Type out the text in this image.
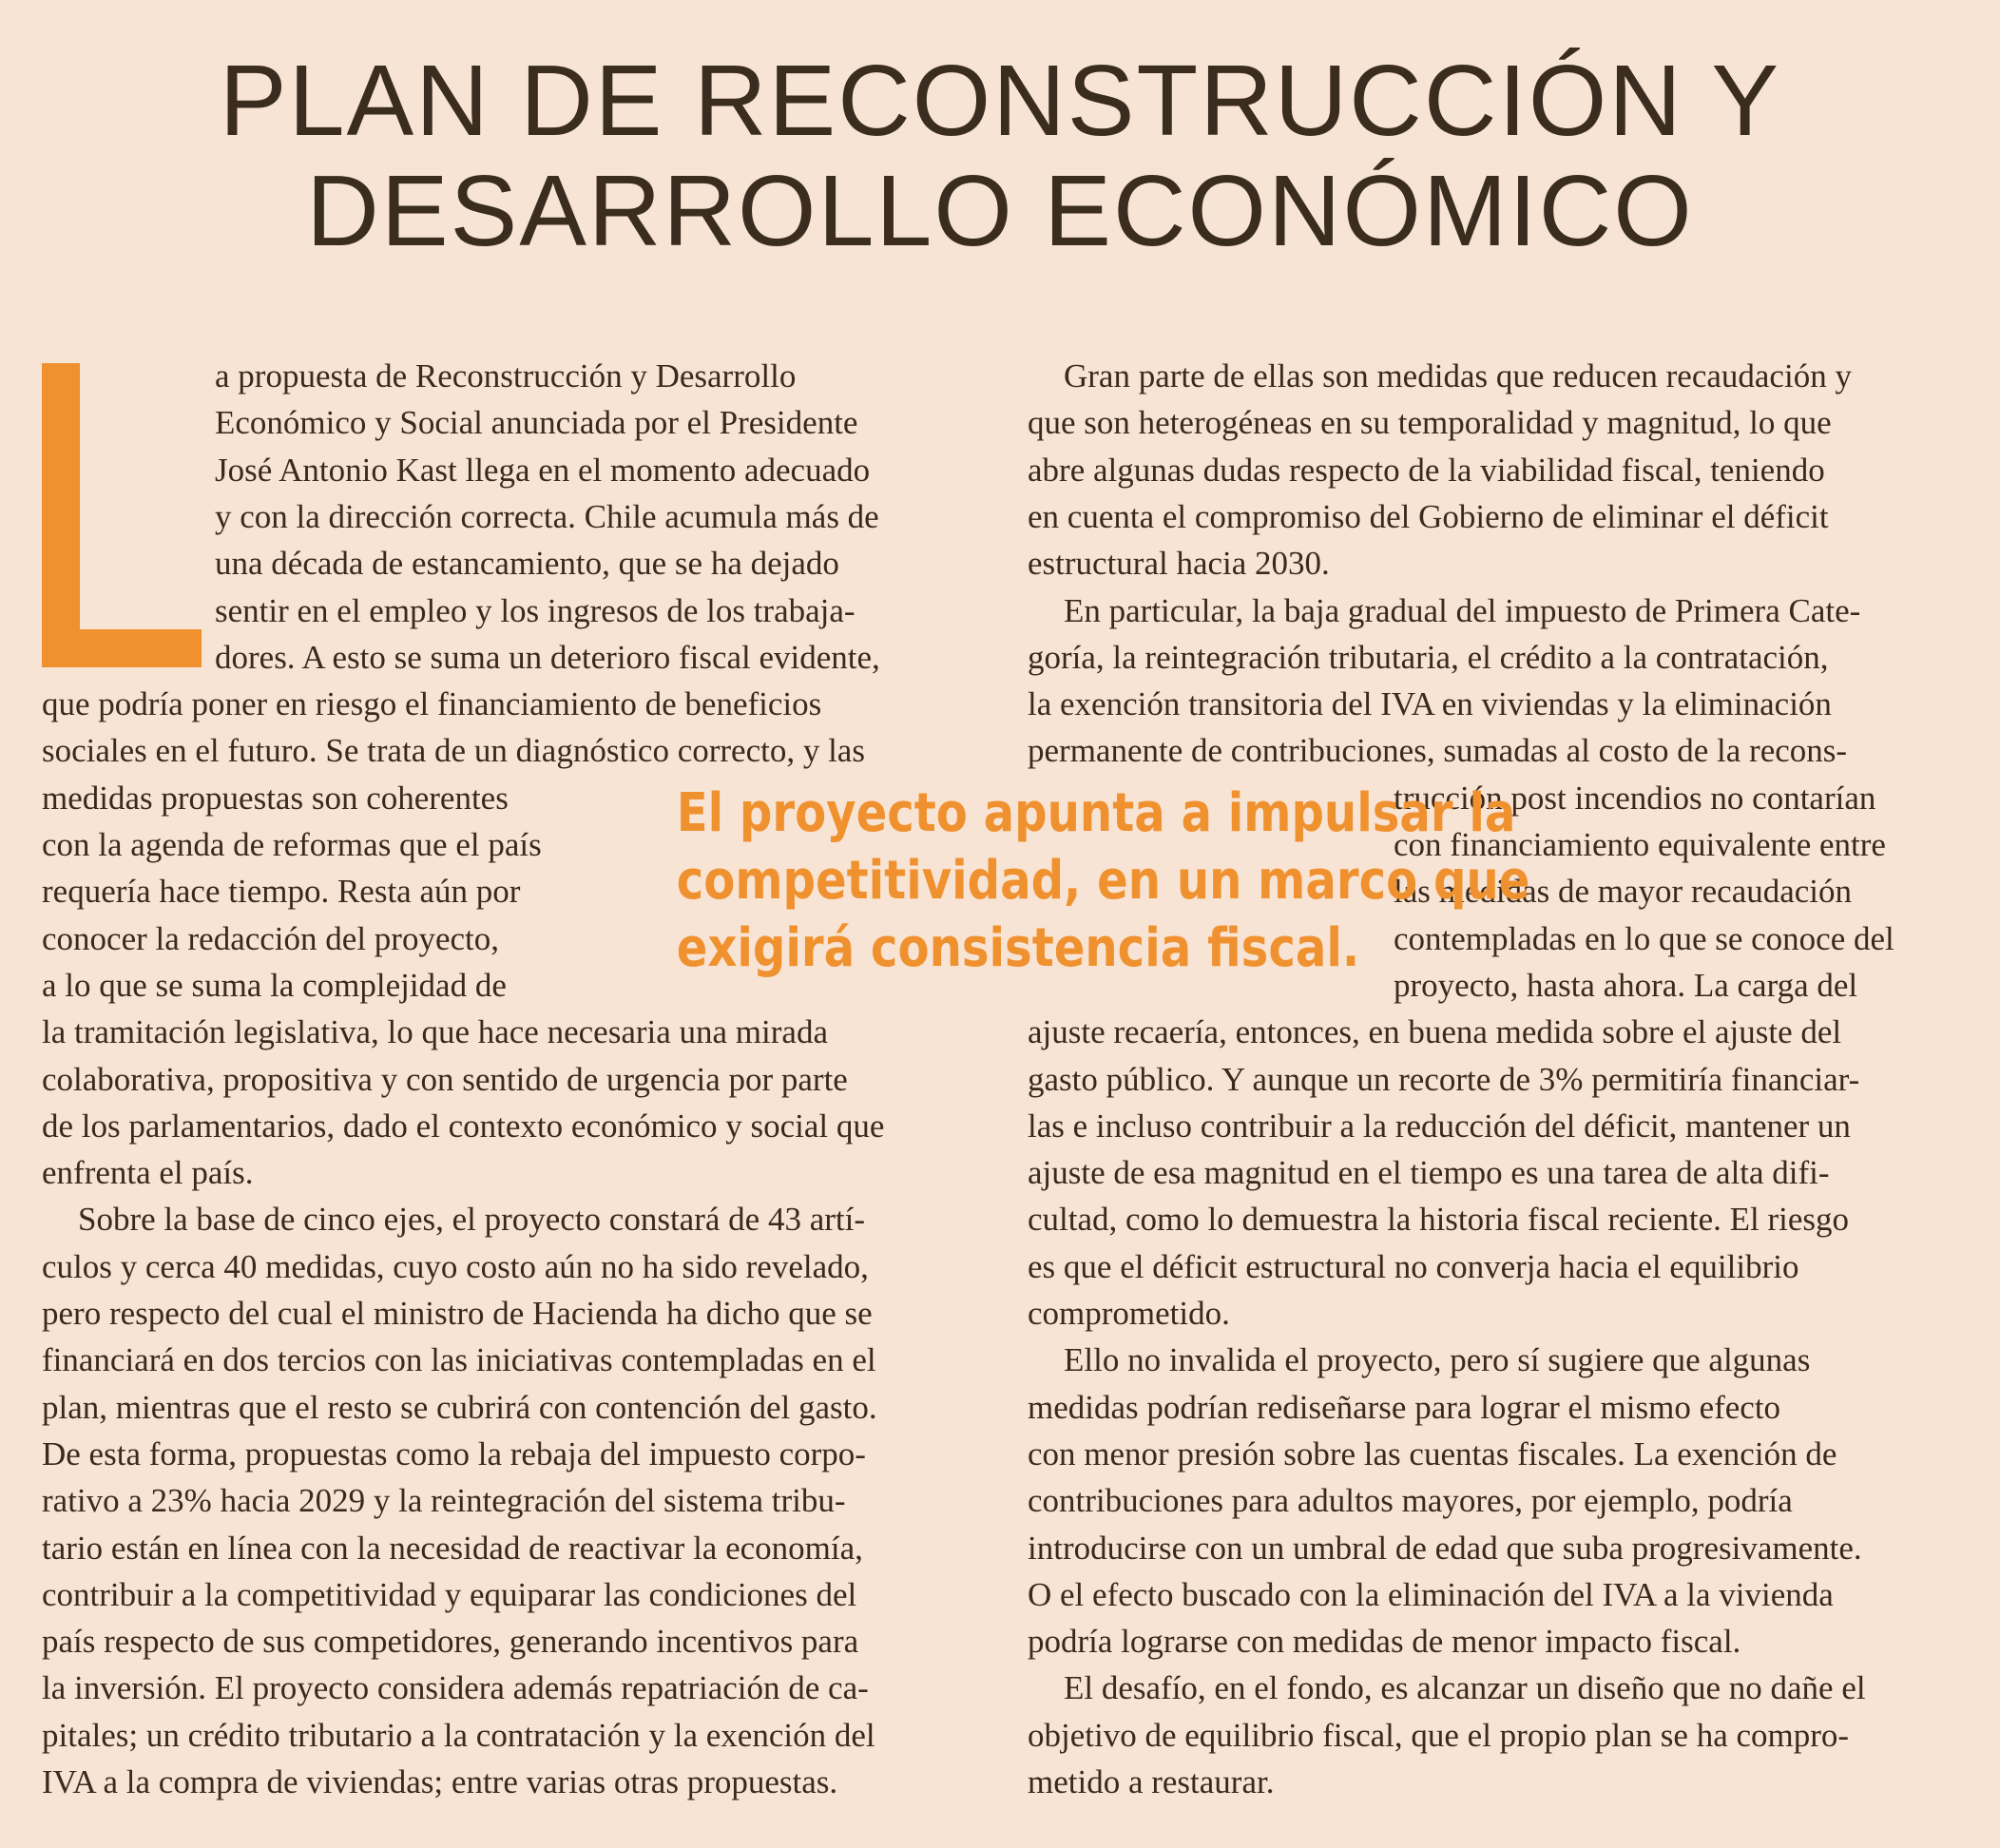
PLAN DE RECONSTRUCCIÓN Y
DESARROLLO ECONÓMICO
a propuesta de Reconstrucción y Desarrollo
Económico y Social anunciada por el Presidente
José Antonio Kast llega en el momento adecuado
y con la dirección correcta. Chile acumula más de
una década de estancamiento, que se ha dejado
sentir en el empleo y los ingresos de los trabaja-
dores. A esto se suma un deterioro fiscal evidente,
que podría poner en riesgo el financiamiento de beneficios
sociales en el futuro. Se trata de un diagnóstico correcto, y las
medidas propuestas son coherentes
con la agenda de reformas que el país
requería hace tiempo. Resta aún por
conocer la redacción del proyecto,
a lo que se suma la complejidad de
la tramitación legislativa, lo que hace necesaria una mirada
colaborativa, propositiva y con sentido de urgencia por parte
de los parlamentarios, dado el contexto económico y social que
enfrenta el país.
Sobre la base de cinco ejes, el proyecto constará de 43 artí-
culos y cerca 40 medidas, cuyo costo aún no ha sido revelado,
pero respecto del cual el ministro de Hacienda ha dicho que se
financiará en dos tercios con las iniciativas contempladas en el
plan, mientras que el resto se cubrirá con contención del gasto.
De esta forma, propuestas como la rebaja del impuesto corpo-
rativo a 23% hacia 2029 y la reintegración del sistema tribu-
tario están en línea con la necesidad de reactivar la economía,
contribuir a la competitividad y equiparar las condiciones del
país respecto de sus competidores, generando incentivos para
la inversión. El proyecto considera además repatriación de ca-
pitales; un crédito tributario a la contratación y la exención del
IVA a la compra de viviendas; entre varias otras propuestas.
Gran parte de ellas son medidas que reducen recaudación y
que son heterogéneas en su temporalidad y magnitud, lo que
abre algunas dudas respecto de la viabilidad fiscal, teniendo
en cuenta el compromiso del Gobierno de eliminar el déficit
estructural hacia 2030.
En particular, la baja gradual del impuesto de Primera Cate-
goría, la reintegración tributaria, el crédito a la contratación,
la exención transitoria del IVA en viviendas y la eliminación
permanente de contribuciones, sumadas al costo de la recons-
trucción post incendios no contarían
con financiamiento equivalente entre
las medidas de mayor recaudación
contempladas en lo que se conoce del
proyecto, hasta ahora. La carga del
ajuste recaería, entonces, en buena medida sobre el ajuste del
gasto público. Y aunque un recorte de 3% permitiría financiar-
las e incluso contribuir a la reducción del déficit, mantener un
ajuste de esa magnitud en el tiempo es una tarea de alta difi-
cultad, como lo demuestra la historia fiscal reciente. El riesgo
es que el déficit estructural no converja hacia el equilibrio
comprometido.
Ello no invalida el proyecto, pero sí sugiere que algunas
medidas podrían rediseñarse para lograr el mismo efecto
con menor presión sobre las cuentas fiscales. La exención de
contribuciones para adultos mayores, por ejemplo, podría
introducirse con un umbral de edad que suba progresivamente.
O el efecto buscado con la eliminación del IVA a la vivienda
podría lograrse con medidas de menor impacto fiscal.
El desafío, en el fondo, es alcanzar un diseño que no dañe el
objetivo de equilibrio fiscal, que el propio plan se ha compro-
metido a restaurar.
El proyecto apunta a impulsar la
competitividad, en un marco que
exigirá consistencia fiscal.
